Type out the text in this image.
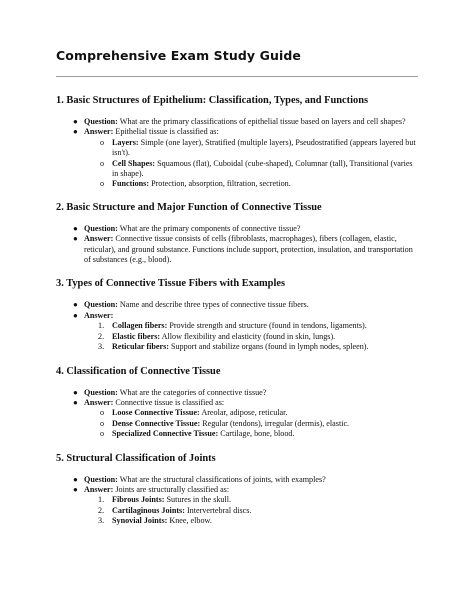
Comprehensive Exam Study Guide
1. Basic Structures of Epithelium: Classification, Types, and Functions
● Question: What are the primary classifications of epithelial tissue based on layers and cell shapes?
● Answer: Epithelial tissue is classified as:
o Layers: Simple (one layer), Stratified (multiple layers), Pseudostratified (appears layered but isn't).
o Cell Shapes: Squamous (flat), Cuboidal (cube-shaped), Columnar (tall), Transitional (varies in shape).
o Functions: Protection, absorption, filtration, secretion.
2. Basic Structure and Major Function of Connective Tissue
● Question: What are the primary components of connective tissue?
● Answer: Connective tissue consists of cells (fibroblasts, macrophages), fibers (collagen, elastic, reticular), and ground substance. Functions include support, protection, insulation, and transportation of substances (e.g., blood).
3. Types of Connective Tissue Fibers with Examples
● Question: Name and describe three types of connective tissue fibers.
● Answer:
1. Collagen fibers: Provide strength and structure (found in tendons, ligaments).
2. Elastic fibers: Allow flexibility and elasticity (found in skin, lungs).
3. Reticular fibers: Support and stabilize organs (found in lymph nodes, spleen).
4. Classification of Connective Tissue
● Question: What are the categories of connective tissue?
● Answer: Connective tissue is classified as:
o Loose Connective Tissue: Areolar, adipose, reticular.
o Dense Connective Tissue: Regular (tendons), irregular (dermis), elastic.
o Specialized Connective Tissue: Cartilage, bone, blood.
5. Structural Classification of Joints
● Question: What are the structural classifications of joints, with examples?
● Answer: Joints are structurally classified as:
1. Fibrous Joints: Sutures in the skull.
2. Cartilaginous Joints: Intervertebral discs.
3. Synovial Joints: Knee, elbow.
